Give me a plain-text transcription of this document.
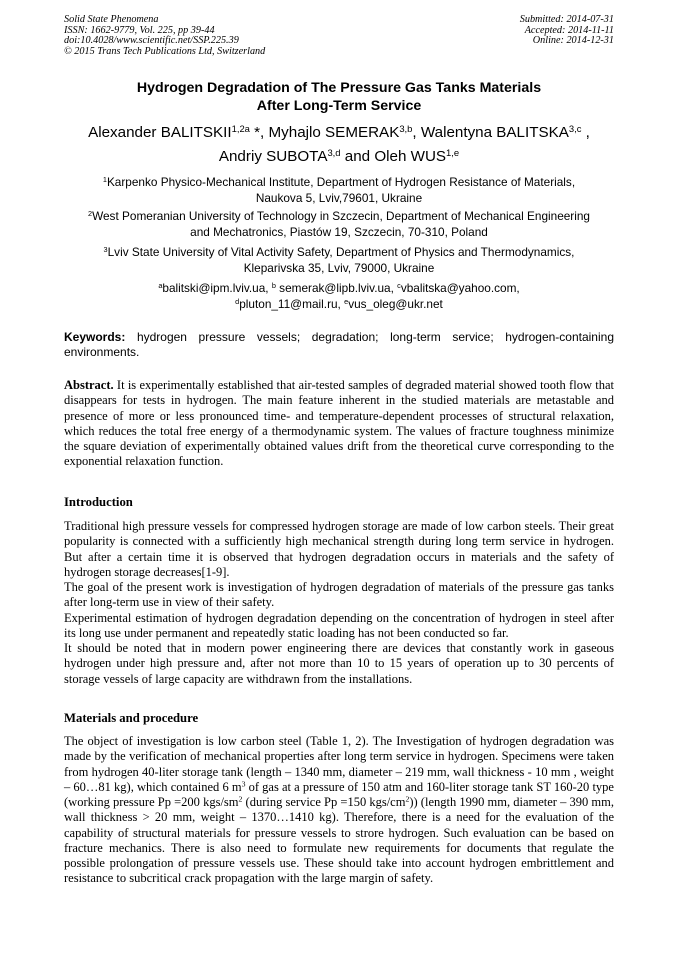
Solid State Phenomena
ISSN: 1662-9779, Vol. 225, pp 39-44
doi:10.4028/www.scientific.net/SSP.225.39
© 2015 Trans Tech Publications Ltd, Switzerland
Submitted: 2014-07-31
Accepted: 2014-11-11
Online: 2014-12-31
Hydrogen Degradation of The Pressure Gas Tanks Materials
After Long-Term Service
Alexander $BALITSKII^{1,2a}$ *, Myhajlo SEMERAK$^{3,b}$, Walentyna BALITSKA$^{3,c}$ ,
Andriy SUBOTA$^{3,d}$ and Oleh WUS$^{1,e}$
$^1$Karpenko Physico-Mechanical Institute, Department of Hydrogen Resistance of Materials,
Naukova 5, Lviv,79601, Ukraine
$^2$West Pomeranian University of Technology in Szczecin, Department of Mechanical Engineering
and Mechatronics, Piastów 19, Szczecin, 70-310, Poland
$^3$Lviv State University of Vital Activity Safety, Department of Physics and Thermodynamics,
Kleparivska 35, Lviv, 79000, Ukraine
$^a$balitski@ipm.lviv.ua, $^b$ semerak@lipb.lviv.ua, $^c$vbalitska@yahoo.com,
$^d$pluton_11@mail.ru, $^e$vus_oleg@ukr.net
Keywords: hydrogen pressure vessels; degradation; long-term service; hydrogen-containing environments.

Abstract. It is experimentally established that air-tested samples of degraded material showed tooth flow that disappears for tests in hydrogen. The main feature inherent in the studied materials are metastable and presence of more or less pronounced time- and temperature-dependent processes of structural relaxation, which reduces the total free energy of a thermodynamic system. The values of fracture toughness minimize the square deviation of experimentally obtained values drift from the theoretical curve corresponding to the exponential relaxation function.

Introduction

Traditional high pressure vessels for compressed hydrogen storage are made of low carbon steels. Their great popularity is connected with a sufficiently high mechanical strength during long term service in hydrogen. But after a certain time it is observed that hydrogen degradation occurs in materials and the safety of hydrogen storage decreases[1-9].

The goal of the present work is investigation of hydrogen degradation of materials of the pressure gas tanks after long-term use in view of their safety.

Experimental estimation of hydrogen degradation depending on the concentration of hydrogen in steel after its long use under permanent and repeatedly static loading has not been conducted so far.

It should be noted that in modern power engineering there are devices that constantly work in gaseous hydrogen under high pressure and, after not more than 10 to 15 years of operation up to 30 percents of storage vessels of large capacity are withdrawn from the installations.

Materials and procedure

The object of investigation is low carbon steel (Table 1, 2). The Investigation of hydrogen degradation was made by the verification of mechanical properties after long term service in hydrogen. Specimens were taken from hydrogen 40-liter storage tank (length – 1340 mm, diameter – 219 mm, wall thickness - 10 mm , weight – 60…81 kg), which contained 6 $m^3$ of gas at a pressure of 150 atm and 160-liter storage tank ST 160-20 type (working pressure Pp =200 kgs/$sm^2$ (during service Pp =150 kgs/$cm^2$)) (length 1990 mm, diameter – 390 mm, wall thickness > 20 mm, weight – 1370…1410 kg). Therefore, there is a need for the evaluation of the capability of structural materials for pressure vessels to strore hydrogen. Such evaluation can be based on fracture mechanics. There is also need to formulate new requirements for documents that regulate the possible prolongation of pressure vessels use. These should take into account hydrogen embrittlement and resistance to subcritical crack propagation with the large margin of safety.
